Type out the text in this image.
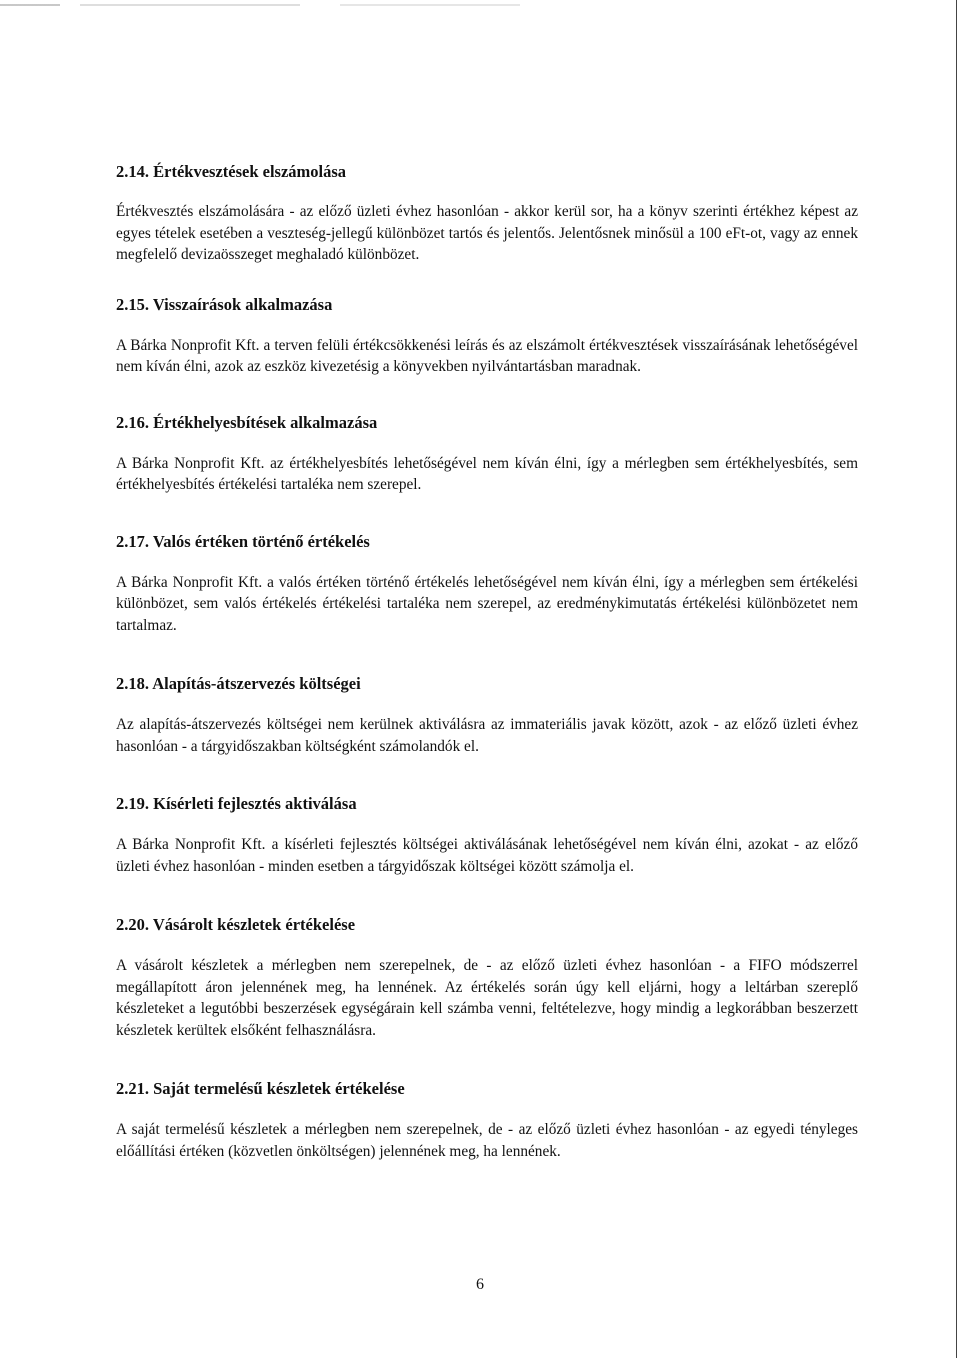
2.14. Értékvesztések elszámolása

Értékvesztés elszámolására - az előző üzleti évhez hasonlóan - akkor kerül sor, ha a könyv szerinti értékhez képest az egyes tételek esetében a veszteség-jellegű különbözet tartós és jelentős. Jelentősnek minősül a 100 eFt-ot, vagy az ennek megfelelő devizaösszeget meghaladó különbözet.

2.15. Visszaírások alkalmazása

A Bárka Nonprofit Kft. a terven felüli értékcsökkenési leírás és az elszámolt értékvesztések visszaírásának lehetőségével nem kíván élni, azok az eszköz kivezetésig a könyvekben nyilvántartásban maradnak.

2.16. Értékhelyesbítések alkalmazása

A Bárka Nonprofit Kft. az értékhelyesbítés lehetőségével nem kíván élni, így a mérlegben sem értékhelyesbítés, sem értékhelyesbítés értékelési tartaléka nem szerepel.

2.17. Valós értéken történő értékelés

A Bárka Nonprofit Kft. a valós értéken történő értékelés lehetőségével nem kíván élni, így a mérlegben sem értékelési különbözet, sem valós értékelés értékelési tartaléka nem szerepel, az eredménykimutatás értékelési különbözetet nem tartalmaz.

2.18. Alapítás-átszervezés költségei

Az alapítás-átszervezés költségei nem kerülnek aktiválásra az immateriális javak között, azok - az előző üzleti évhez hasonlóan - a tárgyidőszakban költségként számolandók el.

2.19. Kísérleti fejlesztés aktiválása

A Bárka Nonprofit Kft. a kísérleti fejlesztés költségei aktiválásának lehetőségével nem kíván élni, azokat - az előző üzleti évhez hasonlóan - minden esetben a tárgyidőszak költségei között számolja el.

2.20. Vásárolt készletek értékelése

A vásárolt készletek a mérlegben nem szerepelnek, de - az előző üzleti évhez hasonlóan - a FIFO módszerrel megállapított áron jelennének meg, ha lennének. Az értékelés során úgy kell eljárni, hogy a leltárban szereplő készleteket a legutóbbi beszerzések egységárain kell számba venni, feltételezve, hogy mindig a legkorábban beszerzett készletek kerültek elsőként felhasználásra.

2.21. Saját termelésű készletek értékelése

A saját termelésű készletek a mérlegben nem szerepelnek, de - az előző üzleti évhez hasonlóan - az egyedi tényleges előállítási értéken (közvetlen önköltségen) jelennének meg, ha lennének.

6
